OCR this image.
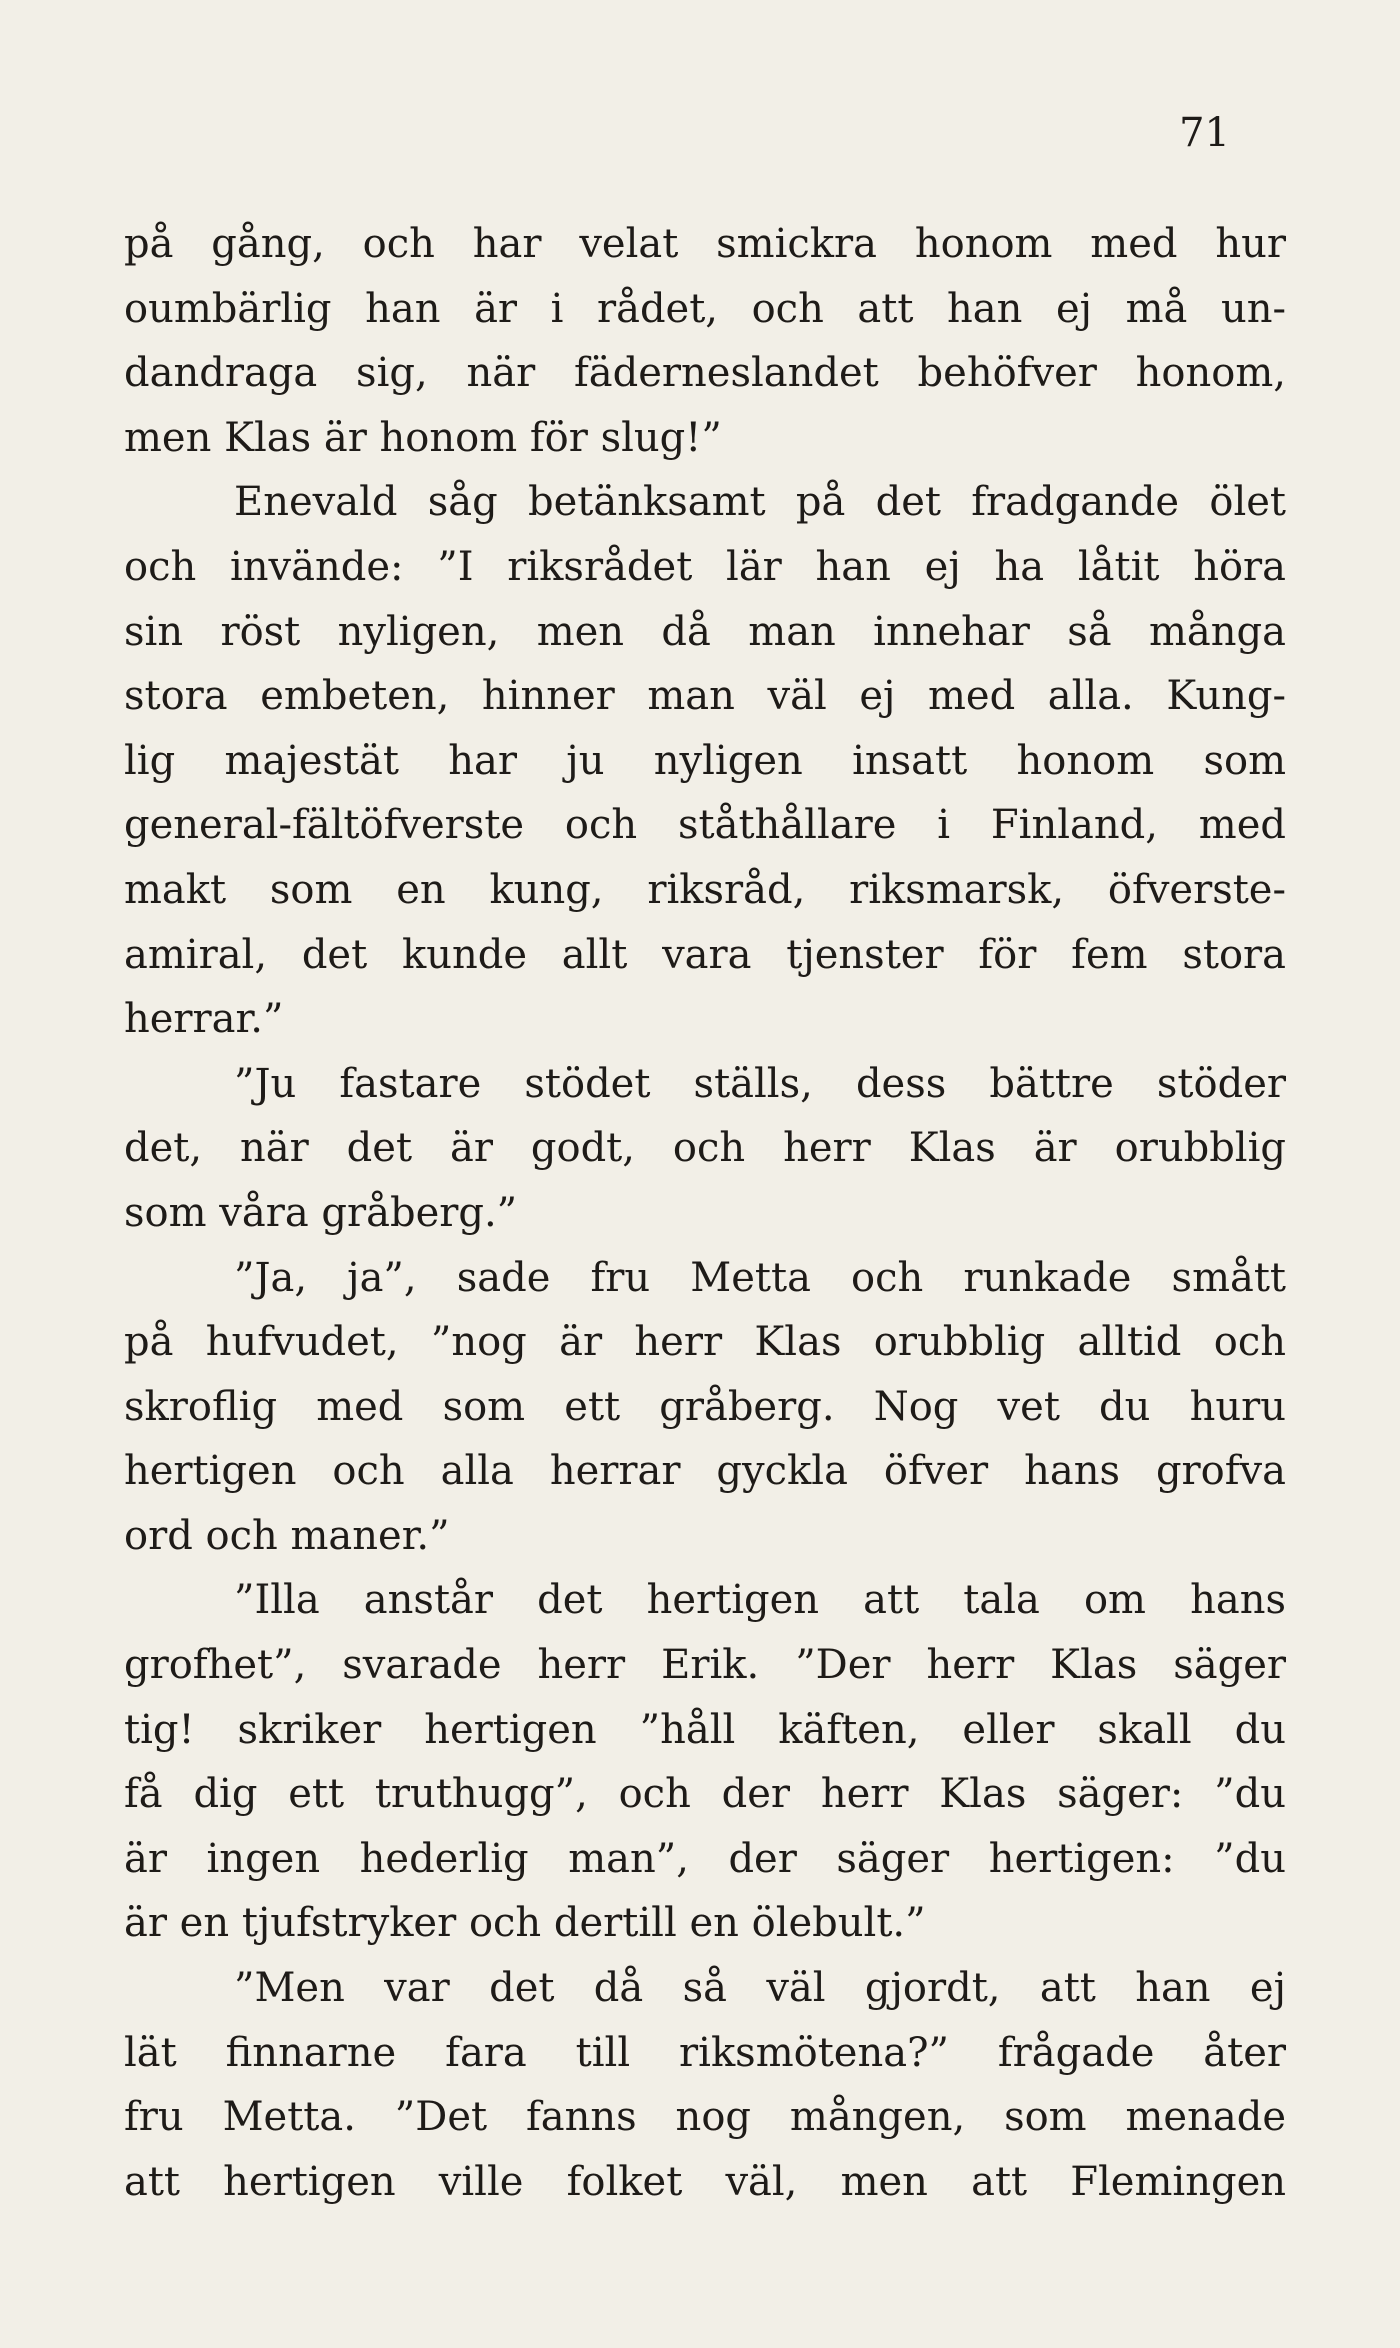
71

på gång, och har velat smickra honom med hur
oumbärlig han är i rådet, och att han ej må un-
dandraga sig, när fäderneslandet behöfver honom,
men Klas är honom för slug!”

Enevald såg betänksamt på det fradgande ölet
och invände: ”I riksrådet lär han ej ha låtit höra
sin röst nyligen, men då man innehar så många
stora embeten, hinner man väl ej med alla. Kung-
lig majestät har ju nyligen insatt honom som
general-fältöfverste och ståthållare i Finland, med
makt som en kung, riksråd, riksmarsk, öfverste-
amiral, det kunde allt vara tjenster för fem stora
herrar.”

”Ju fastare stödet ställs, dess bättre stöder
det, när det är godt, och herr Klas är orubblig
som våra gråberg.”

”Ja, ja”, sade fru Metta och runkade smått
på hufvudet, ”nog är herr Klas orubblig alltid och
skroflig med som ett gråberg. Nog vet du huru
hertigen och alla herrar gyckla öfver hans grofva
ord och maner.”

”Illa anstår det hertigen att tala om hans
grofhet”, svarade herr Erik. ”Der herr Klas säger
tig! skriker hertigen ”håll käften, eller skall du
få dig ett truthugg”, och der herr Klas säger: ”du
är ingen hederlig man”, der säger hertigen: ”du
är en tjufstryker och dertill en ölebult.”

”Men var det då så väl gjordt, att han ej
lät finnarne fara till riksmötena?” frågade åter
fru Metta. ”Det fanns nog mången, som menade
att hertigen ville folket väl, men att Flemingen
